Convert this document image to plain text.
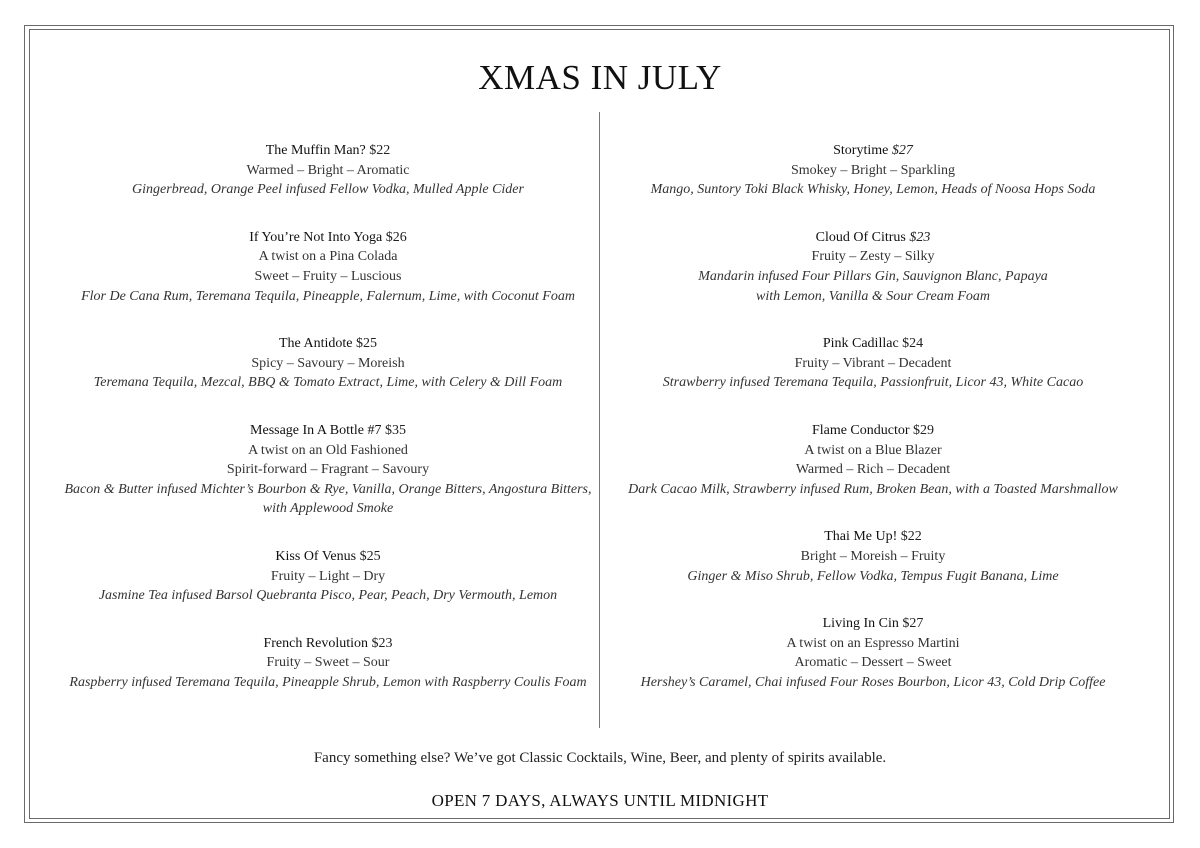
XMAS IN JULY
The Muffin Man? $22
Warmed – Bright – Aromatic
Gingerbread, Orange Peel infused Fellow Vodka, Mulled Apple Cider
If You’re Not Into Yoga $26
A twist on a Pina Colada
Sweet – Fruity – Luscious
Flor De Cana Rum, Teremana Tequila, Pineapple, Falernum, Lime, with Coconut Foam
The Antidote $25
Spicy – Savoury – Moreish
Teremana Tequila, Mezcal, BBQ & Tomato Extract, Lime, with Celery & Dill Foam
Message In A Bottle #7 $35
A twist on an Old Fashioned
Spirit-forward – Fragrant – Savoury
Bacon & Butter infused Michter’s Bourbon & Rye, Vanilla, Orange Bitters, Angostura Bitters,
with Applewood Smoke
Kiss Of Venus $25
Fruity – Light – Dry
Jasmine Tea infused Barsol Quebranta Pisco, Pear, Peach, Dry Vermouth, Lemon
French Revolution $23
Fruity – Sweet – Sour
Raspberry infused Teremana Tequila, Pineapple Shrub, Lemon with Raspberry Coulis Foam
Storytime $27
Smokey – Bright – Sparkling
Mango, Suntory Toki Black Whisky, Honey, Lemon, Heads of Noosa Hops Soda
Cloud Of Citrus $23
Fruity – Zesty – Silky
Mandarin infused Four Pillars Gin, Sauvignon Blanc, Papaya
with Lemon, Vanilla & Sour Cream Foam
Pink Cadillac $24
Fruity – Vibrant – Decadent
Strawberry infused Teremana Tequila, Passionfruit, Licor 43, White Cacao
Flame Conductor $29
A twist on a Blue Blazer
Warmed – Rich – Decadent
Dark Cacao Milk, Strawberry infused Rum, Broken Bean, with a Toasted Marshmallow
Thai Me Up! $22
Bright – Moreish – Fruity
Ginger & Miso Shrub, Fellow Vodka, Tempus Fugit Banana, Lime
Living In Cin $27
A twist on an Espresso Martini
Aromatic – Dessert – Sweet
Hershey’s Caramel, Chai infused Four Roses Bourbon, Licor 43, Cold Drip Coffee
Fancy something else? We’ve got Classic Cocktails, Wine, Beer, and plenty of spirits available.
OPEN 7 DAYS, ALWAYS UNTIL MIDNIGHT
